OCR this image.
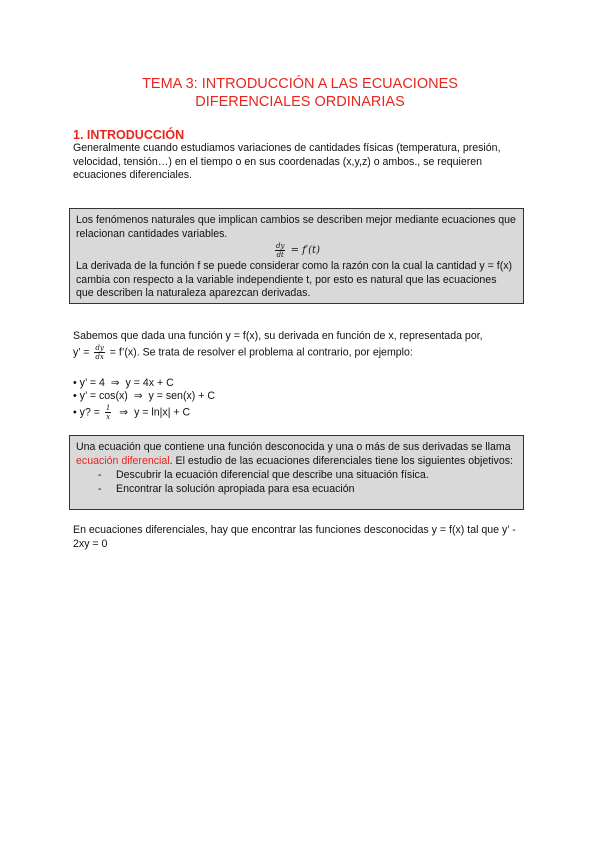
TEMA 3: INTRODUCCIÓN A LAS ECUACIONES
DIFERENCIALES ORDINARIAS
1. INTRODUCCIÓN
Generalmente cuando estudiamos variaciones de cantidades físicas (temperatura, presión, velocidad, tensión…) en el tiempo o en sus coordenadas (x,y,z) o ambos., se requieren ecuaciones diferenciales.
Los fenómenos naturales que implican cambios se describen mejor mediante ecuaciones que relacionan cantidades variables.
$\frac{dy}{dt} = f'(t)$
La derivada de la función f se puede considerar como la razón con la cual la cantidad y = f(x) cambia con respecto a la variable independiente t, por esto es natural que las ecuaciones que describen la naturaleza aparezcan derivadas.
Sabemos que dada una función y = f(x), su derivada en función de x, representada por,
y’ = $\frac{dy}{dx}$ = f’(x). Se trata de resolver el problema al contrario, por ejemplo:
• y’ = 4 ⇒ y = 4x + C
• y’ = cos(x) ⇒ y = sen(x) + C
• y? = $\frac{1}{x}$ ⇒ y = ln|x| + C
Una ecuación que contiene una función desconocida y una o más de sus derivadas se llama ecuación diferencial. El estudio de las ecuaciones diferenciales tiene los siguientes objetivos:
- Descubrir la ecuación diferencial que describe una situación física.
- Encontrar la solución apropiada para esa ecuación
En ecuaciones diferenciales, hay que encontrar las funciones desconocidas y = f(x) tal que y’ - 2xy = 0
